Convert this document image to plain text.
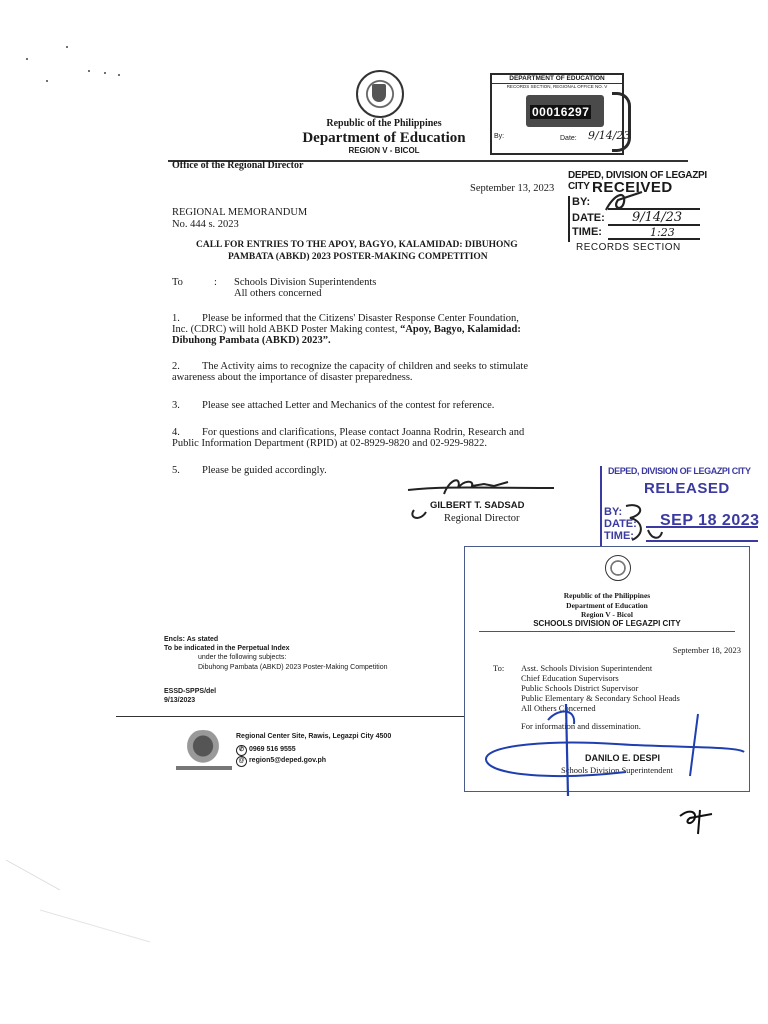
Republic of the Philippines
Department of Education
REGION V - BICOL
Office of the Regional Director
DEPARTMENT OF EDUCATION
RECORDS SECTION, REGIONAL OFFICE NO. V
00016297
By:	Date: 9/14/23
DEPED, DIVISION OF LEGAZPI CITY RECEIVED
BY:
DATE:
TIME:
9/14/23
1:23
RECORDS SECTION
September 13, 2023
REGIONAL MEMORANDUM
No. 444 s. 2023
CALL FOR ENTRIES TO THE APOY, BAGYO, KALAMIDAD: DIBUHONG
PAMBATA (ABKD) 2023 POSTER-MAKING COMPETITION
To	: Schools Division Superintendents
All others concerned
1. Please be informed that the Citizens' Disaster Response Center Foundation,
Inc. (CDRC) will hold ABKD Poster Making contest, “Apoy, Bagyo, Kalamidad:
Dibuhong Pambata (ABKD) 2023”.
2. The Activity aims to recognize the capacity of children and seeks to stimulate
awareness about the importance of disaster preparedness.
3. Please see attached Letter and Mechanics of the contest for reference.
4. For questions and clarifications, Please contact Joanna Rodrin, Research and
Public Information Department (RPID) at 02-8929-9820 and 02-929-9822.
5. Please be guided accordingly.
GILBERT T. SADSAD
Regional Director
DEPED, DIVISION OF LEGAZPI CITY
RELEASED
BY:
DATE:
TIME:
SEP 18 2023
Republic of the Philippines
Department of Education
Region V - Bicol
SCHOOLS DIVISION OF LEGAZPI CITY
September 18, 2023
To: Asst. Schools Division Superintendent
Chief Education Supervisors
Public Schools District Supervisor
Public Elementary & Secondary School Heads
All Others Concerned
For information and dissemination.
DANILO E. DESPI
Schools Division Superintendent
Encls: As stated
To be indicated in the Perpetual Index
under the following subjects:
Dibuhong Pambata (ABKD) 2023 Poster-Making Competition
ESSD-SPPS/del
9/13/2023
Regional Center Site, Rawis, Legazpi City 4500
✆ 0969 516 9555
@ region5@deped.gov.ph
